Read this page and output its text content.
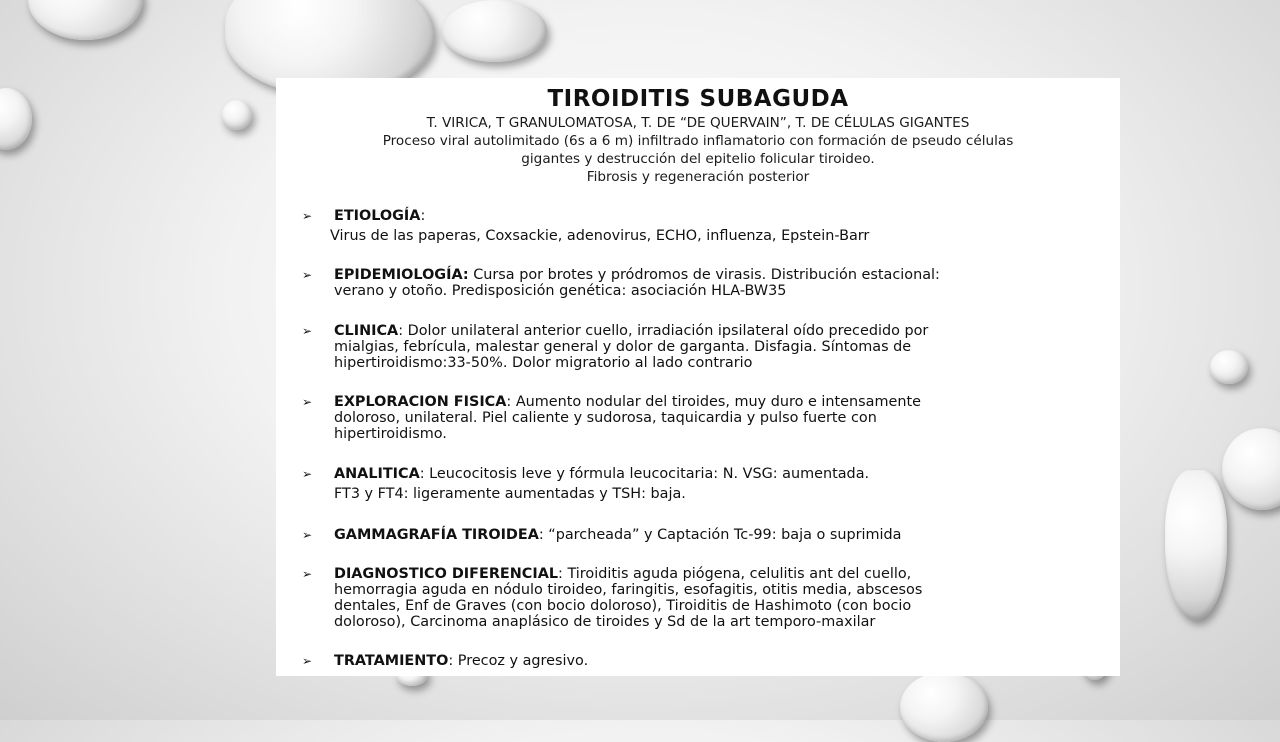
TIROIDITIS SUBAGUDA
T. VIRICA, T GRANULOMATOSA, T. DE “DE QUERVAIN”, T. DE CÉLULAS GIGANTES
Proceso viral autolimitado (6s a 6 m) infiltrado inflamatorio con formación de pseudo células
gigantes y destrucción del epitelio folicular tiroideo.
Fibrosis y regeneración posterior
➢ ETIOLOGÍA:
Virus de las paperas, Coxsackie, adenovirus, ECHO, influenza, Epstein-Barr
➢ EPIDEMIOLOGÍA: Cursa por brotes y pródromos de virasis. Distribución estacional:
verano y otoño. Predisposición genética: asociación HLA-BW35
➢ CLINICA: Dolor unilateral anterior cuello, irradiación ipsilateral oído precedido por
mialgias, febrícula, malestar general y dolor de garganta. Disfagia. Síntomas de
hipertiroidismo:33-50%. Dolor migratorio al lado contrario
➢ EXPLORACION FISICA: Aumento nodular del tiroides, muy duro e intensamente
doloroso, unilateral. Piel caliente y sudorosa, taquicardia y pulso fuerte con
hipertiroidismo.
➢ ANALITICA: Leucocitosis leve y fórmula leucocitaria: N. VSG: aumentada.
FT3 y FT4: ligeramente aumentadas y TSH: baja.
➢ GAMMAGRAFÍA TIROIDEA: “parcheada” y Captación Tc-99: baja o suprimida
➢ DIAGNOSTICO DIFERENCIAL: Tiroiditis aguda piógena, celulitis ant del cuello,
hemorragia aguda en nódulo tiroideo, faringitis, esofagitis, otitis media, abscesos
dentales, Enf de Graves (con bocio doloroso), Tiroiditis de Hashimoto (con bocio
doloroso), Carcinoma anaplásico de tiroides y Sd de la art temporo-maxilar
➢ TRATAMIENTO: Precoz y agresivo.
